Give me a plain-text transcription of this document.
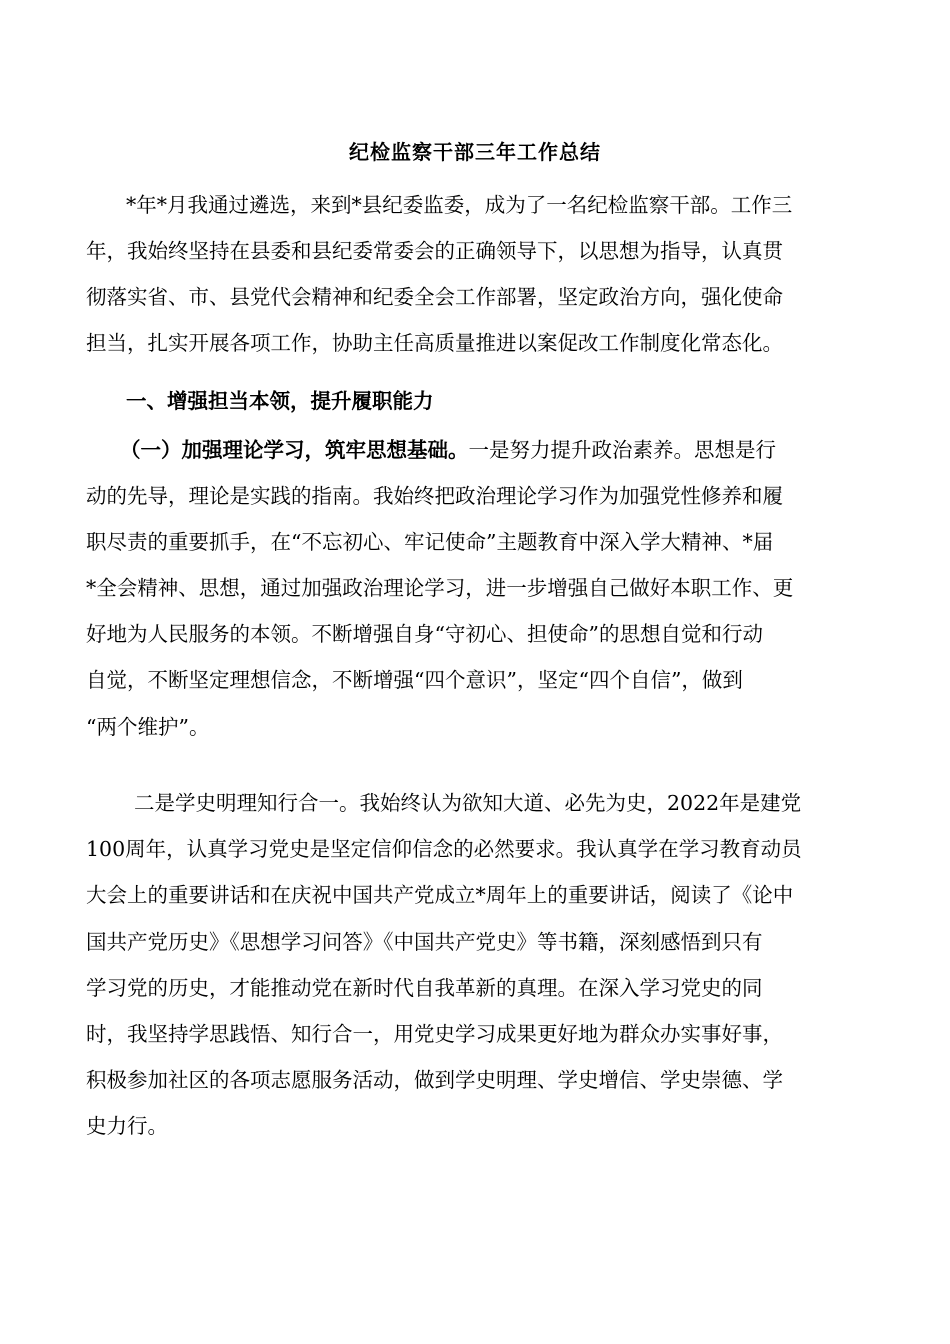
纪检监察干部三年工作总结
*年*月我通过遴选，来到*县纪委监委，成为了一名纪检监察干部。工作三
年，我始终坚持在县委和县纪委常委会的正确领导下，以思想为指导，认真贯
彻落实省、市、县党代会精神和纪委全会工作部署，坚定政治方向，强化使命
担当，扎实开展各项工作，协助主任高质量推进以案促改工作制度化常态化。
一、增强担当本领，提升履职能力
（一）加强理论学习，筑牢思想基础。一是努力提升政治素养。思想是行
动的先导，理论是实践的指南。我始终把政治理论学习作为加强党性修养和履
职尽责的重要抓手，在“不忘初心、牢记使命”主题教育中深入学大精神、*届
*全会精神、思想，通过加强政治理论学习，进一步增强自己做好本职工作、更
好地为人民服务的本领。不断增强自身“守初心、担使命”的思想自觉和行动
自觉，不断坚定理想信念，不断增强“四个意识”，坚定“四个自信”，做到
“两个维护”。
二是学史明理知行合一。我始终认为欲知大道、必先为史，2022年是建党
100周年，认真学习党史是坚定信仰信念的必然要求。我认真学在学习教育动员
大会上的重要讲话和在庆祝中国共产党成立*周年上的重要讲话，阅读了《论中
国共产党历史》《思想学习问答》《中国共产党史》等书籍，深刻感悟到只有
学习党的历史，才能推动党在新时代自我革新的真理。在深入学习党史的同
时，我坚持学思践悟、知行合一，用党史学习成果更好地为群众办实事好事，
积极参加社区的各项志愿服务活动，做到学史明理、学史增信、学史崇德、学
史力行。
